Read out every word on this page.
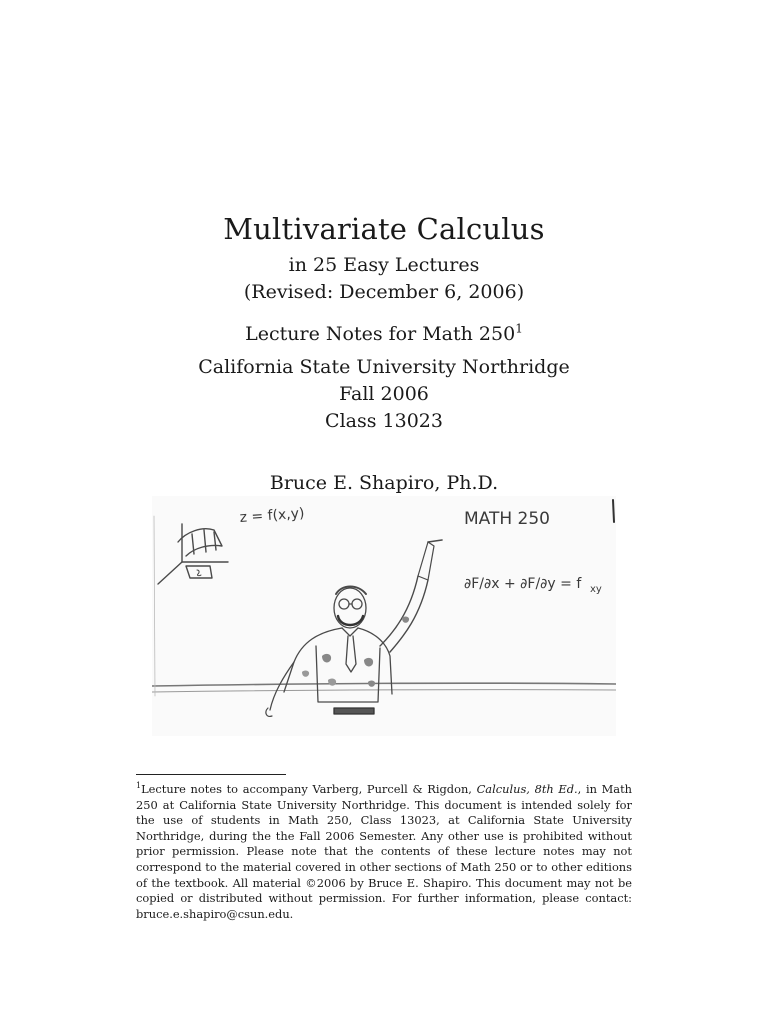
Multivariate Calculus
in 25 Easy Lectures
(Revised: December 6, 2006)
Lecture Notes for Math $250^1$
California State University Northridge
Fall 2006
Class 13023
Bruce E. Shapiro, Ph.D.
z = f(x,y)	MATH 250
∂F/∂x + ∂F/∂y = f xy
$^1$Lecture notes to accompany Varberg, Purcell & Rigdon, Calculus, 8th Ed., in Math 250 at California State University Northridge. This document is intended solely for the use of students in Math 250, Class 13023, at California State University Northridge, during the the Fall 2006 Semester. Any other use is prohibited without prior permission. Please note that the contents of these lecture notes may not correspond to the material covered in other sections of Math 250 or to other editions of the textbook. All material ©2006 by Bruce E. Shapiro. This document may not be copied or distributed without permission. For further information, please contact: bruce.e.shapiro@csun.edu.
